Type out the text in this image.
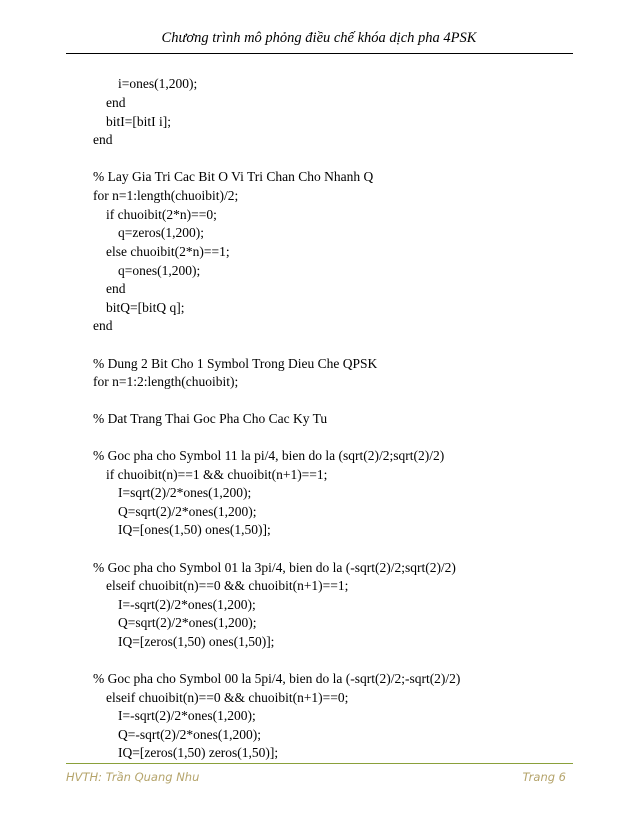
Chương trình mô phỏng điều chế khóa dịch pha 4PSK
i=ones(1,200);
end
bitI=[bitI i];
end
% Lay Gia Tri Cac Bit O Vi Tri Chan Cho Nhanh Q
for n=1:length(chuoibit)/2;
if chuoibit(2*n)==0;
q=zeros(1,200);
else chuoibit(2*n)==1;
q=ones(1,200);
end
bitQ=[bitQ q];
end
% Dung 2 Bit Cho 1 Symbol Trong Dieu Che QPSK
for n=1:2:length(chuoibit);
% Dat Trang Thai Goc Pha Cho Cac Ky Tu
% Goc pha cho Symbol 11 la pi/4, bien do la (sqrt(2)/2;sqrt(2)/2)
if chuoibit(n)==1 && chuoibit(n+1)==1;
I=sqrt(2)/2*ones(1,200);
Q=sqrt(2)/2*ones(1,200);
IQ=[ones(1,50) ones(1,50)];
% Goc pha cho Symbol 01 la 3pi/4, bien do la (-sqrt(2)/2;sqrt(2)/2)
elseif chuoibit(n)==0 && chuoibit(n+1)==1;
I=-sqrt(2)/2*ones(1,200);
Q=sqrt(2)/2*ones(1,200);
IQ=[zeros(1,50) ones(1,50)];
% Goc pha cho Symbol 00 la 5pi/4, bien do la (-sqrt(2)/2;-sqrt(2)/2)
elseif chuoibit(n)==0 && chuoibit(n+1)==0;
I=-sqrt(2)/2*ones(1,200);
Q=-sqrt(2)/2*ones(1,200);
IQ=[zeros(1,50) zeros(1,50)];
HVTH: Trần Quang Nhu	Trang 6
